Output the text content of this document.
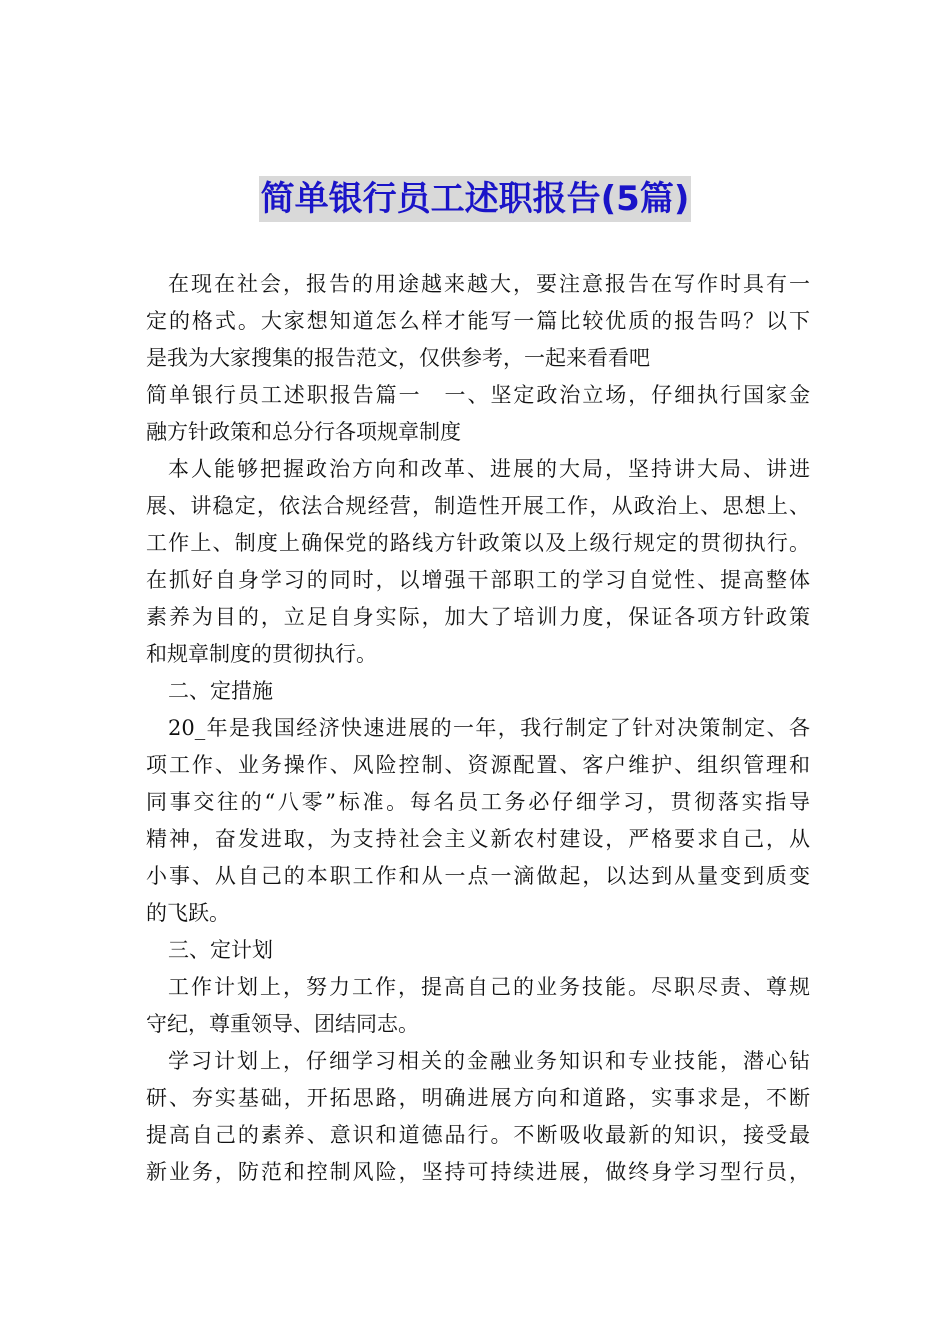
简单银行员工述职报告(5篇)
在现在社会，报告的用途越来越大，要注意报告在写作时具有一
定的格式。大家想知道怎么样才能写一篇比较优质的报告吗？以下
是我为大家搜集的报告范文，仅供参考，一起来看看吧
简单银行员工述职报告篇一　一、坚定政治立场，仔细执行国家金
融方针政策和总分行各项规章制度
本人能够把握政治方向和改革、进展的大局，坚持讲大局、讲进
展、讲稳定，依法合规经营，制造性开展工作，从政治上、思想上、
工作上、制度上确保党的路线方针政策以及上级行规定的贯彻执行。
在抓好自身学习的同时，以增强干部职工的学习自觉性、提高整体
素养为目的，立足自身实际，加大了培训力度，保证各项方针政策
和规章制度的贯彻执行。
二、定措施
20_年是我国经济快速进展的一年，我行制定了针对决策制定、各
项工作、业务操作、风险控制、资源配置、客户维护、组织管理和
同事交往的“八零”标准。每名员工务必仔细学习，贯彻落实指导
精神，奋发进取，为支持社会主义新农村建设，严格要求自己，从
小事、从自己的本职工作和从一点一滴做起，以达到从量变到质变
的飞跃。
三、定计划
工作计划上，努力工作，提高自己的业务技能。尽职尽责、尊规
守纪，尊重领导、团结同志。
学习计划上，仔细学习相关的金融业务知识和专业技能，潜心钻
研、夯实基础，开拓思路，明确进展方向和道路，实事求是，不断
提高自己的素养、意识和道德品行。不断吸收最新的知识，接受最
新业务，防范和控制风险，坚持可持续进展，做终身学习型行员，
